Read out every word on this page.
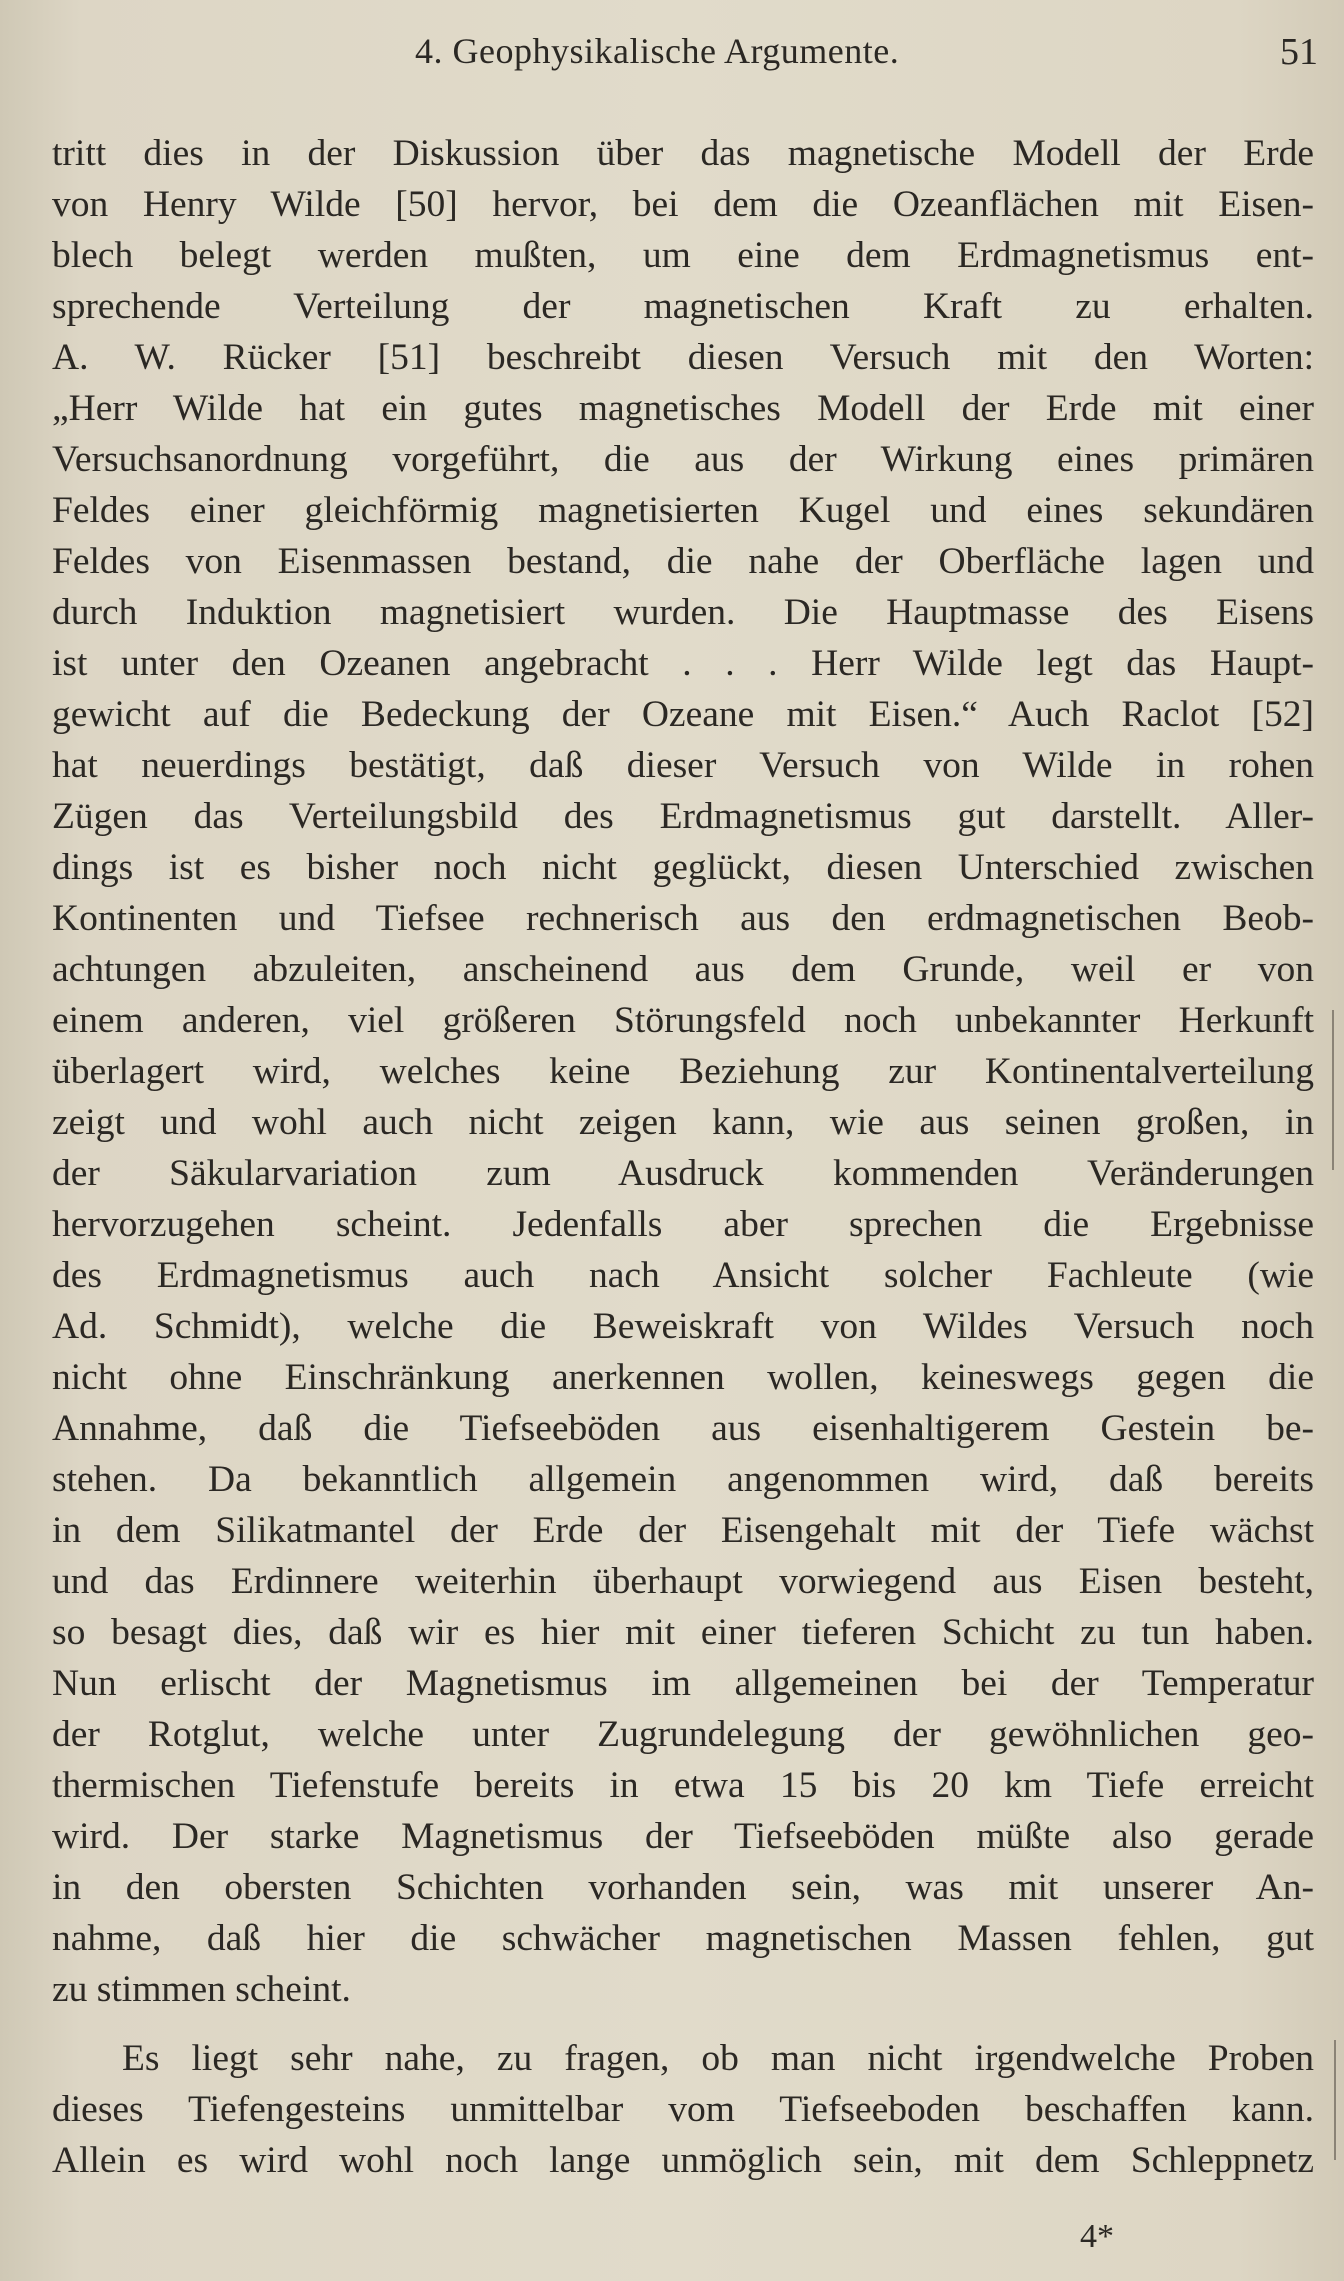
4. Geophysikalische Argumente.	51
tritt dies in der Diskussion über das magnetische Modell der Erde
von Henry Wilde [50] hervor, bei dem die Ozeanflächen mit Eisen-
blech belegt werden mußten, um eine dem Erdmagnetismus ent-
sprechende Verteilung der magnetischen Kraft zu erhalten.
A. W. Rücker [51] beschreibt diesen Versuch mit den Worten:
„Herr Wilde hat ein gutes magnetisches Modell der Erde mit einer
Versuchsanordnung vorgeführt, die aus der Wirkung eines primären
Feldes einer gleichförmig magnetisierten Kugel und eines sekundären
Feldes von Eisenmassen bestand, die nahe der Oberfläche lagen und
durch Induktion magnetisiert wurden. Die Hauptmasse des Eisens
ist unter den Ozeanen angebracht . . . Herr Wilde legt das Haupt-
gewicht auf die Bedeckung der Ozeane mit Eisen.“ Auch Raclot [52]
hat neuerdings bestätigt, daß dieser Versuch von Wilde in rohen
Zügen das Verteilungsbild des Erdmagnetismus gut darstellt. Aller-
dings ist es bisher noch nicht geglückt, diesen Unterschied zwischen
Kontinenten und Tiefsee rechnerisch aus den erdmagnetischen Beob-
achtungen abzuleiten, anscheinend aus dem Grunde, weil er von
einem anderen, viel größeren Störungsfeld noch unbekannter Herkunft
überlagert wird, welches keine Beziehung zur Kontinentalverteilung
zeigt und wohl auch nicht zeigen kann, wie aus seinen großen, in
der Säkularvariation zum Ausdruck kommenden Veränderungen
hervorzugehen scheint. Jedenfalls aber sprechen die Ergebnisse
des Erdmagnetismus auch nach Ansicht solcher Fachleute (wie
Ad. Schmidt), welche die Beweiskraft von Wildes Versuch noch
nicht ohne Einschränkung anerkennen wollen, keineswegs gegen die
Annahme, daß die Tiefseeböden aus eisenhaltigerem Gestein be-
stehen. Da bekanntlich allgemein angenommen wird, daß bereits
in dem Silikatmantel der Erde der Eisengehalt mit der Tiefe wächst
und das Erdinnere weiterhin überhaupt vorwiegend aus Eisen besteht,
so besagt dies, daß wir es hier mit einer tieferen Schicht zu tun haben.
Nun erlischt der Magnetismus im allgemeinen bei der Temperatur
der Rotglut, welche unter Zugrundelegung der gewöhnlichen geo-
thermischen Tiefenstufe bereits in etwa 15 bis 20 km Tiefe erreicht
wird. Der starke Magnetismus der Tiefseeböden müßte also gerade
in den obersten Schichten vorhanden sein, was mit unserer An-
nahme, daß hier die schwächer magnetischen Massen fehlen, gut
zu stimmen scheint.
Es liegt sehr nahe, zu fragen, ob man nicht irgendwelche Proben
dieses Tiefengesteins unmittelbar vom Tiefseeboden beschaffen kann.
Allein es wird wohl noch lange unmöglich sein, mit dem Schleppnetz
4*
